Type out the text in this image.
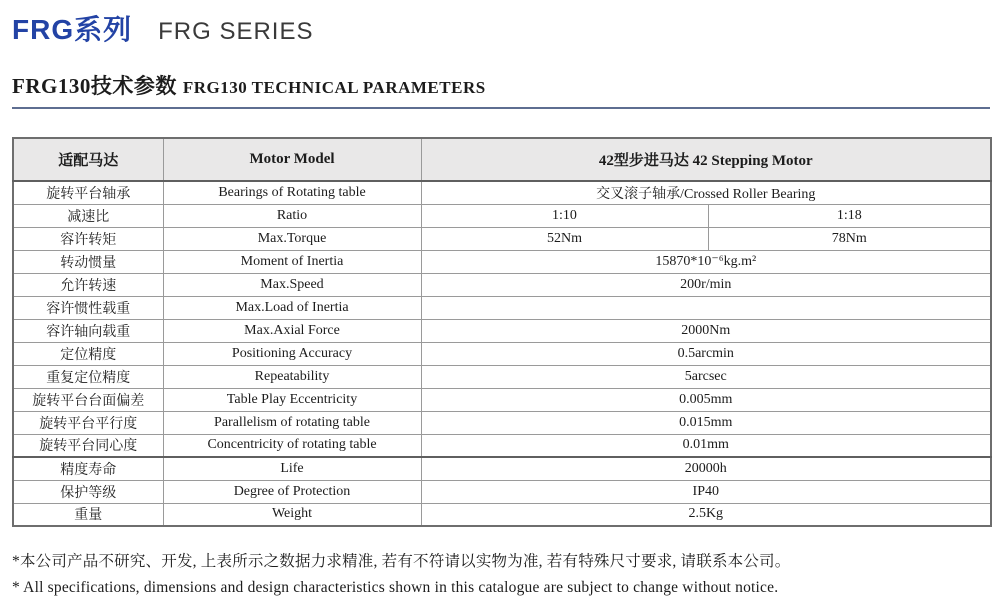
FRG系列 FRG SERIES
FRG130技术参数 FRG130 TECHNICAL PARAMETERS
适配马达	Motor Model	42型步进马达 42 Stepping Motor	
旋转平台轴承	Bearings of Rotating table	交叉滚子轴承/Crossed Roller Bearing	
减速比	Ratio	1:10	1:18
容许转矩	Max.Torque	52Nm	78Nm
转动惯量	Moment of Inertia	15870*10⁻⁶kg.m²	
允许转速	Max.Speed	200r/min	
容许惯性载重	Max.Load of Inertia		
容许轴向载重	Max.Axial Force	2000Nm	
定位精度	Positioning Accuracy	0.5arcmin	
重复定位精度	Repeatability	5arcsec	
旋转平台台面偏差	Table Play Eccentricity	0.005mm	
旋转平台平行度	Parallelism of rotating table	0.015mm	
旋转平台同心度	Concentricity of rotating table	0.01mm	
精度寿命	Life	20000h	
保护等级	Degree of Protection	IP40	
重量	Weight	2.5Kg	

*本公司产品不研究、开发, 上表所示之数据力求精准, 若有不符请以实物为准, 若有特殊尺寸要求, 请联系本公司。

* All specifications, dimensions and design characteristics shown in this catalogue are subject to change without notice.
